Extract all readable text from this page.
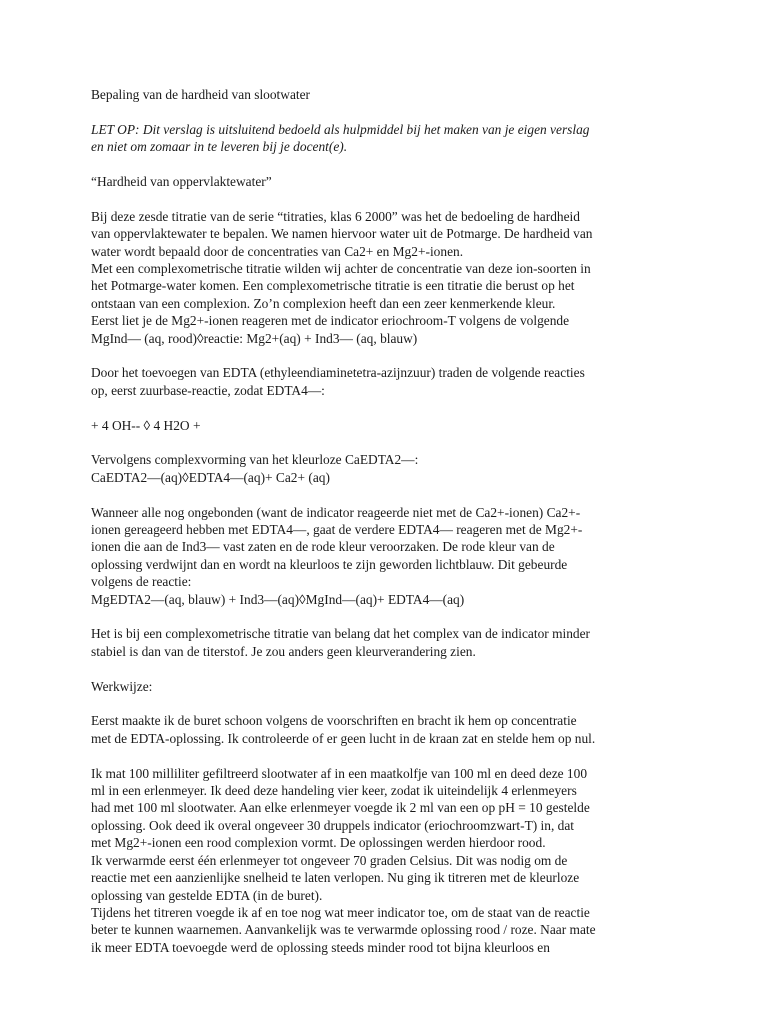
Bepaling van de hardheid van slootwater

LET OP: Dit verslag is uitsluitend bedoeld als hulpmiddel bij het maken van je eigen verslag
en niet om zomaar in te leveren bij je docent(e).

“Hardheid van oppervlaktewater”

Bij deze zesde titratie van de serie “titraties, klas 6 2000” was het de bedoeling de hardheid
van oppervlaktewater te bepalen. We namen hiervoor water uit de Potmarge. De hardheid van
water wordt bepaald door de concentraties van Ca2+ en Mg2+-ionen.
Met een complexometrische titratie wilden wij achter de concentratie van deze ion-soorten in
het Potmarge-water komen. Een complexometrische titratie is een titratie die berust op het
ontstaan van een complexion. Zo’n complexion heeft dan een zeer kenmerkende kleur.
Eerst liet je de Mg2+-ionen reageren met de indicator eriochroom-T volgens de volgende
MgInd— (aq, rood)◊reactie: Mg2+(aq) + Ind3— (aq, blauw)

Door het toevoegen van EDTA (ethyleendiaminetetra-azijnzuur) traden de volgende reacties
op, eerst zuurbase-reactie, zodat EDTA4—:

+ 4 OH-- ◊ 4 H2O +

Vervolgens complexvorming van het kleurloze CaEDTA2—:
CaEDTA2—(aq)◊EDTA4—(aq)+ Ca2+ (aq)

Wanneer alle nog ongebonden (want de indicator reageerde niet met de Ca2+-ionen) Ca2+-
ionen gereageerd hebben met EDTA4—, gaat de verdere EDTA4— reageren met de Mg2+-
ionen die aan de Ind3— vast zaten en de rode kleur veroorzaken. De rode kleur van de
oplossing verdwijnt dan en wordt na kleurloos te zijn geworden lichtblauw. Dit gebeurde
volgens de reactie:
MgEDTA2—(aq, blauw) + Ind3—(aq)◊MgInd—(aq)+ EDTA4—(aq)

Het is bij een complexometrische titratie van belang dat het complex van de indicator minder
stabiel is dan van de titerstof. Je zou anders geen kleurverandering zien.

Werkwijze:

Eerst maakte ik de buret schoon volgens de voorschriften en bracht ik hem op concentratie
met de EDTA-oplossing. Ik controleerde of er geen lucht in de kraan zat en stelde hem op nul.

Ik mat 100 milliliter gefiltreerd slootwater af in een maatkolfje van 100 ml en deed deze 100
ml in een erlenmeyer. Ik deed deze handeling vier keer, zodat ik uiteindelijk 4 erlenmeyers
had met 100 ml slootwater. Aan elke erlenmeyer voegde ik 2 ml van een op pH = 10 gestelde
oplossing. Ook deed ik overal ongeveer 30 druppels indicator (eriochroomzwart-T) in, dat
met Mg2+-ionen een rood complexion vormt. De oplossingen werden hierdoor rood.
Ik verwarmde eerst één erlenmeyer tot ongeveer 70 graden Celsius. Dit was nodig om de
reactie met een aanzienlijke snelheid te laten verlopen. Nu ging ik titreren met de kleurloze
oplossing van gestelde EDTA (in de buret).
Tijdens het titreren voegde ik af en toe nog wat meer indicator toe, om de staat van de reactie
beter te kunnen waarnemen. Aanvankelijk was te verwarmde oplossing rood / roze. Naar mate
ik meer EDTA toevoegde werd de oplossing steeds minder rood tot bijna kleurloos en
